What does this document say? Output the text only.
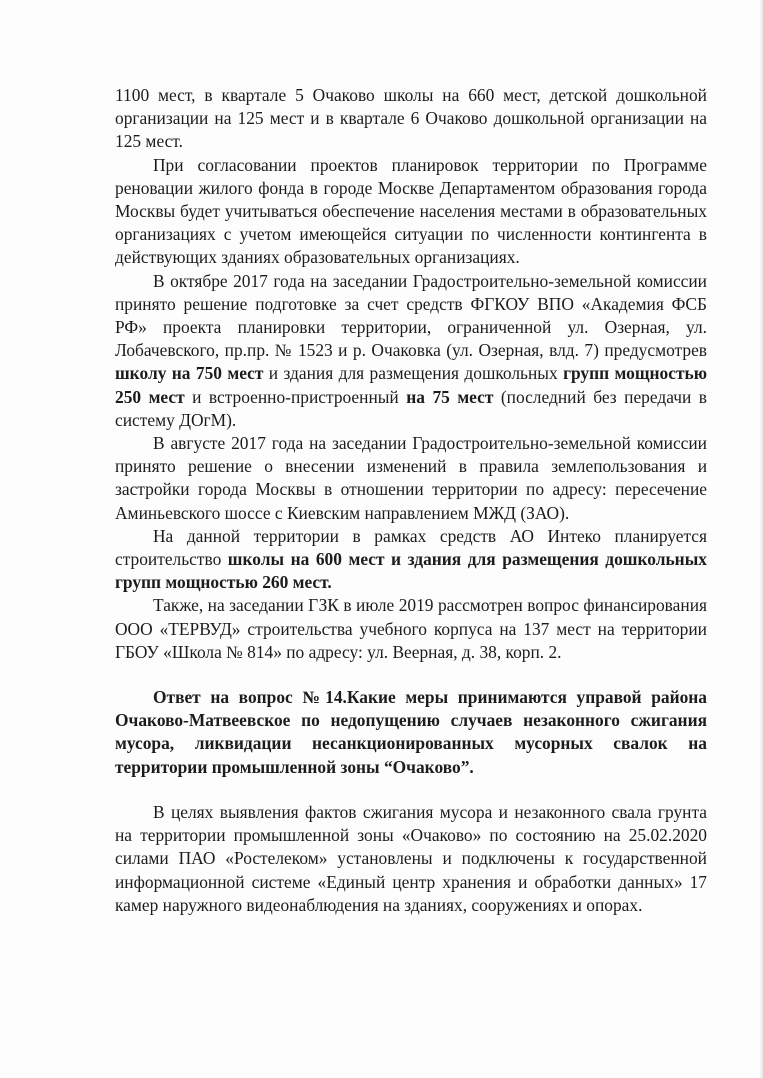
1100 мест, в квартале 5 Очаково школы на 660 мест, детской дошкольной организации на 125 мест и в квартале 6 Очаково дошкольной организации на 125 мест.

При согласовании проектов планировок территории по Программе реновации жилого фонда в городе Москве Департаментом образования города Москвы будет учитываться обеспечение населения местами в образовательных организациях с учетом имеющейся ситуации по численности контингента в действующих зданиях образовательных организациях.

В октябре 2017 года на заседании Градостроительно-земельной комиссии принято решение подготовке за счет средств ФГКОУ ВПО «Академия ФСБ РФ» проекта планировки территории, ограниченной ул. Озерная, ул. Лобачевского, пр.пр. № 1523 и р. Очаковка (ул. Озерная, влд. 7) предусмотрев школу на 750 мест и здания для размещения дошкольных групп мощностью 250 мест и встроенно-пристроенный на 75 мест (последний без передачи в систему ДОгМ).

В августе 2017 года на заседании Градостроительно-земельной комиссии принято решение о внесении изменений в правила землепользования и застройки города Москвы в отношении территории по адресу: пересечение Аминьевского шоссе с Киевским направлением МЖД (ЗАО).

На данной территории в рамках средств АО Интеко планируется строительство школы на 600 мест и здания для размещения дошкольных групп мощностью 260 мест.

Также, на заседании ГЗК в июле 2019 рассмотрен вопрос финансирования ООО «ТЕРВУД» строительства учебного корпуса на 137 мест на территории ГБОУ «Школа № 814» по адресу: ул. Веерная, д. 38, корп. 2.

Ответ на вопрос №14.Какие меры принимаются управой района Очаково-Матвеевское по недопущению случаев незаконного сжигания мусора, ликвидации несанкционированных мусорных свалок на территории промышленной зоны “Очаково”.

В целях выявления фактов сжигания мусора и незаконного свала грунта на территории промышленной зоны «Очаково» по состоянию на 25.02.2020 силами ПАО «Ростелеком» установлены и подключены к государственной информационной системе «Единый центр хранения и обработки данных» 17 камер наружного видеонаблюдения на зданиях, сооружениях и опорах.
